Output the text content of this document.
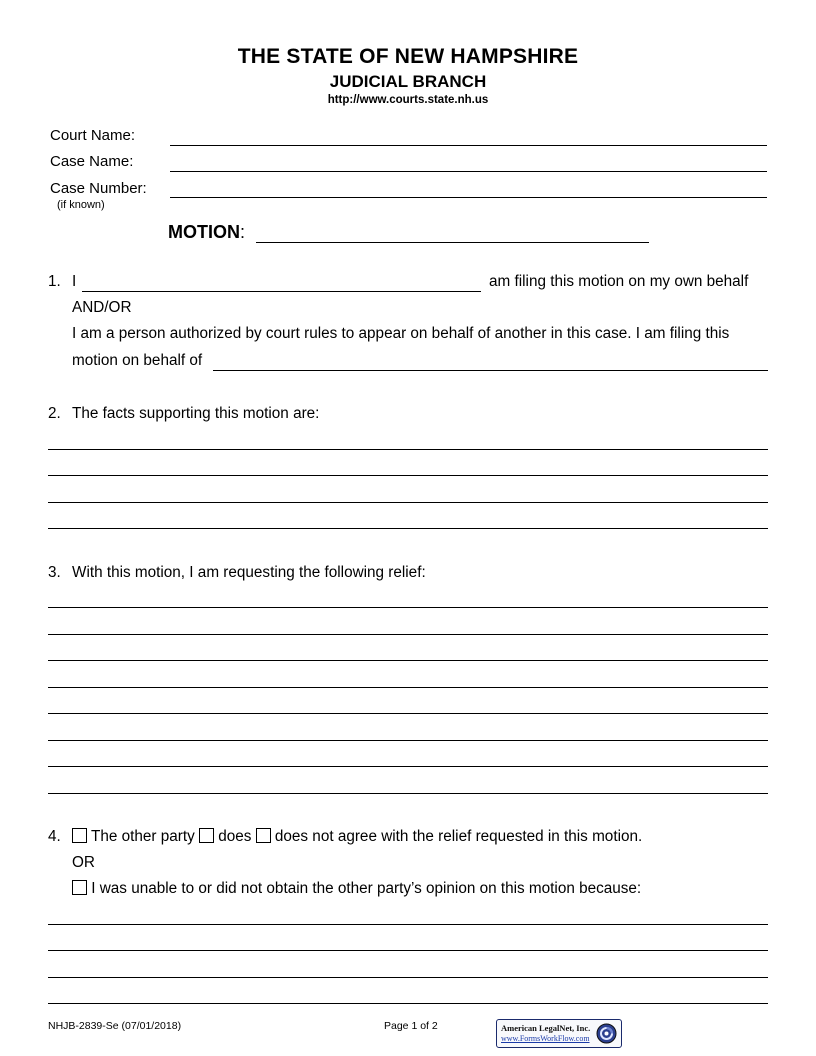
THE STATE OF NEW HAMPSHIRE
JUDICIAL BRANCH
http://www.courts.state.nh.us
Court Name:
Case Name:
Case Number:
(if known)
MOTION:
1. I	am filing this motion on my own behalf
AND/OR
I am a person authorized by court rules to appear on behalf of another in this case. I am filing this
motion on behalf of
2. The facts supporting this motion are:
3. With this motion, I am requesting the following relief:
4.	The other party does does not agree with the relief requested in this motion.
OR
I was unable to or did not obtain the other party’s opinion on this motion because:
NHJB-2839-Se (07/01/2018)	Page 1 of 2	American LegalNet, Inc.
www.FormsWorkFlow.com
